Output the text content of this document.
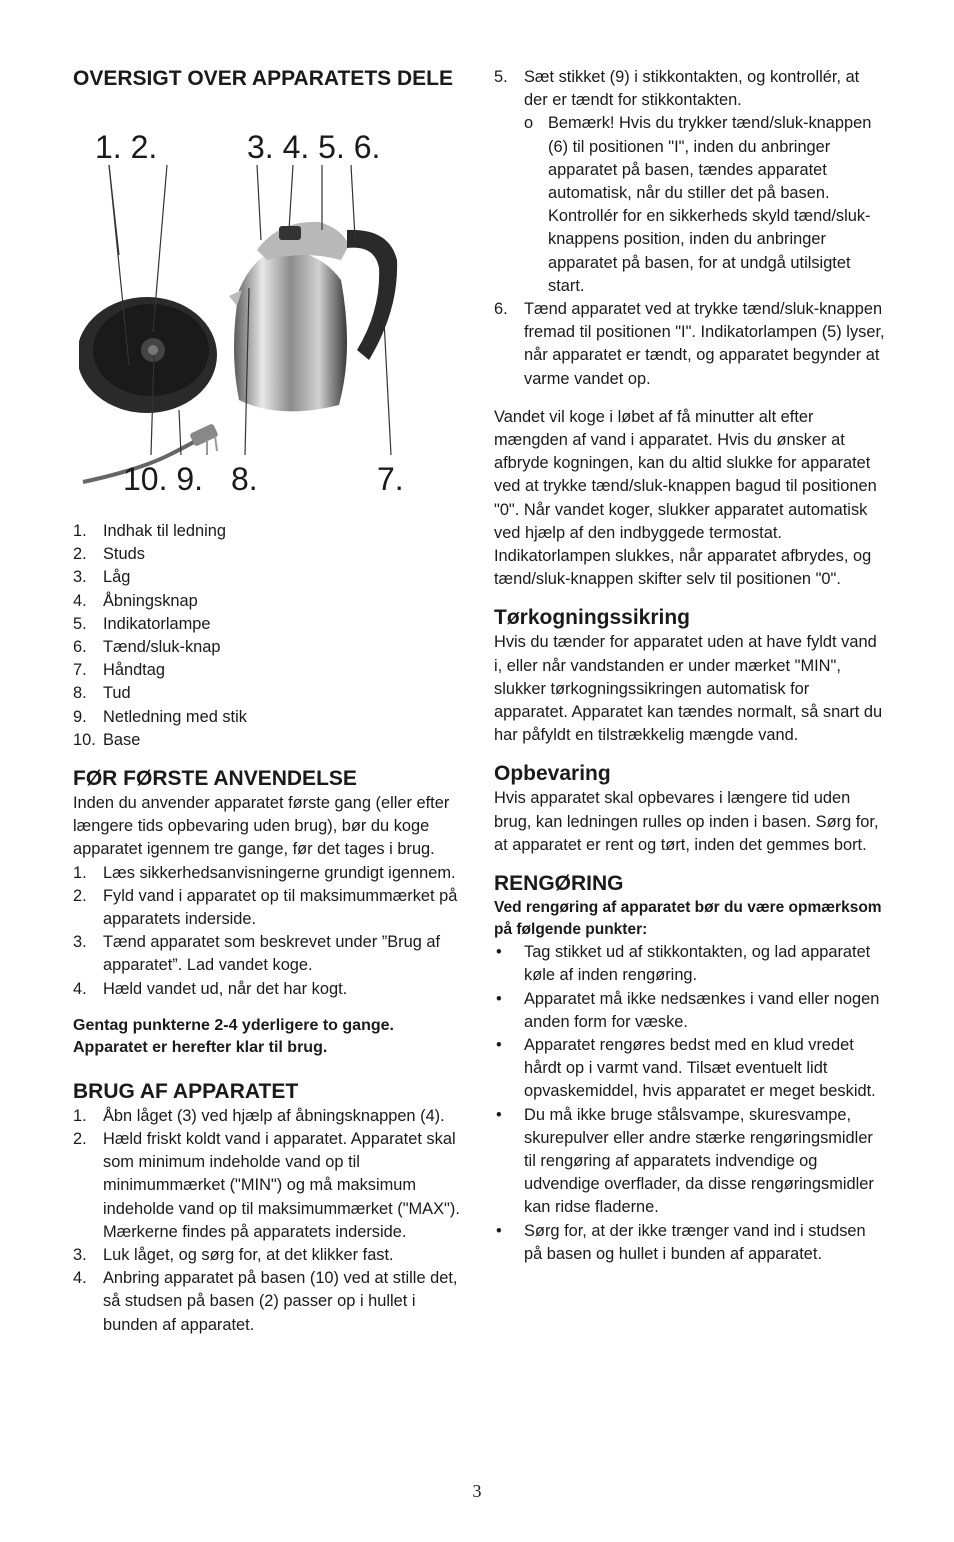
OVERSIGT OVER APPARATETS DELE
1. 2.	3. 4. 5. 6.
10. 9. 8.	7.
1. Indhak til ledning
2. Studs
3. Låg
4. Åbningsknap
5. Indikatorlampe
6. Tænd/sluk-knap
7. Håndtag
8. Tud
9. Netledning med stik
10. Base
FØR FØRSTE ANVENDELSE

Inden du anvender apparatet første gang (eller efter længere tids opbevaring uden brug), bør du koge apparatet igennem tre gange, før det tages i brug.

1. Læs sikkerhedsanvisningerne grundigt igennem.
2. Fyld vand i apparatet op til maksimummærket på apparatets inderside.
3. Tænd apparatet som beskrevet under ”Brug af apparatet”. Lad vandet koge.
4. Hæld vandet ud, når det har kogt.

Gentag punkterne 2-4 yderligere to gange. Apparatet er herefter klar til brug.

BRUG AF APPARATET
1. Åbn låget (3) ved hjælp af åbningsknappen (4).
2. Hæld friskt koldt vand i apparatet. Apparatet skal som minimum indeholde vand op til minimummærket ("MIN") og må maksimum indeholde vand op til maksimummærket ("MAX"). Mærkerne findes på apparatets inderside.
3. Luk låget, og sørg for, at det klikker fast.
4. Anbring apparatet på basen (10) ved at stille det, så studsen på basen (2) passer op i hullet i bunden af apparatet.
5. Sæt stikket (9) i stikkontakten, og kontrollér, at der er tændt for stikkontakten.

o Bemærk! Hvis du trykker tænd/sluk-knappen (6) til positionen "I", inden du anbringer apparatet på basen, tændes apparatet automatisk, når du stiller det på basen. Kontrollér for en sikkerheds skyld tænd/sluk-knappens position, inden du anbringer apparatet på basen, for at undgå utilsigtet start.

6. Tænd apparatet ved at trykke tænd/sluk-knappen fremad til positionen "I". Indikatorlampen (5) lyser, når apparatet er tændt, og apparatet begynder at varme vandet op.

Vandet vil koge i løbet af få minutter alt efter mængden af vand i apparatet. Hvis du ønsker at afbryde kogningen, kan du altid slukke for apparatet ved at trykke tænd/sluk-knappen bagud til positionen "0". Når vandet koger, slukker apparatet automatisk ved hjælp af den indbyggede termostat. Indikatorlampen slukkes, når apparatet afbrydes, og tænd/sluk-knappen skifter selv til positionen "0".

Tørkogningssikring

Hvis du tænder for apparatet uden at have fyldt vand i, eller når vandstanden er under mærket "MIN", slukker tørkogningssikringen automatisk for apparatet. Apparatet kan tændes normalt, så snart du har påfyldt en tilstrækkelig mængde vand.

Opbevaring

Hvis apparatet skal opbevares i længere tid uden brug, kan ledningen rulles op inden i basen. Sørg for, at apparatet er rent og tørt, inden det gemmes bort.

RENGØRING

Ved rengøring af apparatet bør du være opmærksom på følgende punkter:

• Tag stikket ud af stikkontakten, og lad apparatet køle af inden rengøring.
• Apparatet må ikke nedsænkes i vand eller nogen anden form for væske.
• Apparatet rengøres bedst med en klud vredet hårdt op i varmt vand. Tilsæt eventuelt lidt opvaskemiddel, hvis apparatet er meget beskidt.
• Du må ikke bruge stålsvampe, skuresvampe, skurepulver eller andre stærke rengøringsmidler til rengøring af apparatets indvendige og udvendige overflader, da disse rengøringsmidler kan ridse fladerne.
• Sørg for, at der ikke trænger vand ind i studsen på basen og hullet i bunden af apparatet.
3
